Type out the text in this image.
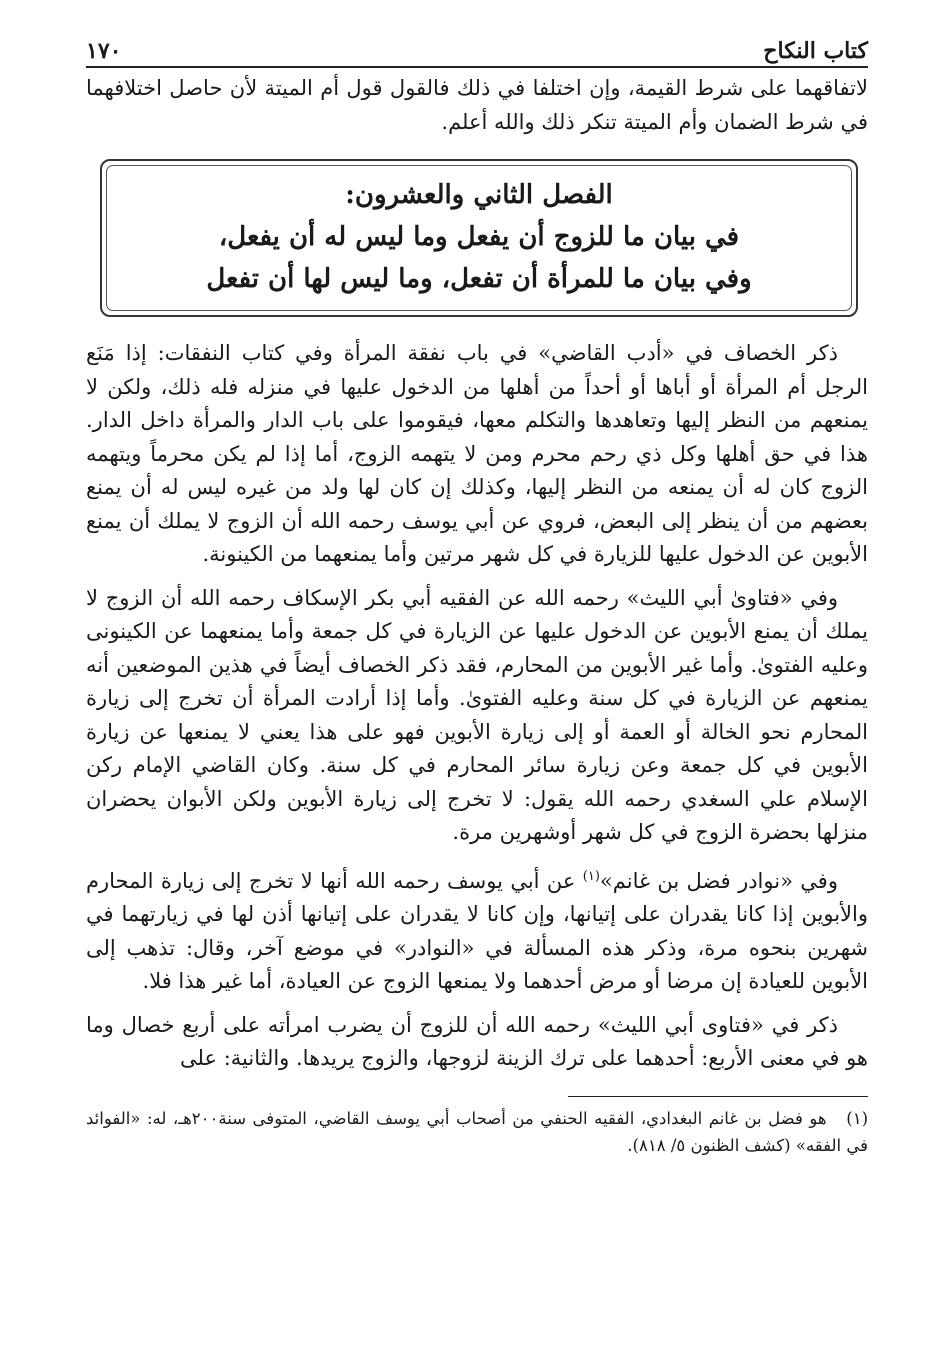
كتاب النكاح
١٧٠

لاتفاقهما على شرط القيمة، وإن اختلفا في ذلك فالقول قول أم الميتة لأن حاصل اختلافهما في شرط الضمان وأم الميتة تنكر ذلك والله أعلم.

الفصل الثاني والعشرون:
في بيان ما للزوج أن يفعل وما ليس له أن يفعل،
وفي بيان ما للمرأة أن تفعل، وما ليس لها أن تفعل

ذكر الخصاف في «أدب القاضي» في باب نفقة المرأة وفي كتاب النفقات: إذا مَنَع الرجل أم المرأة أو أباها أو أحداً من أهلها من الدخول عليها في منزله فله ذلك، ولكن لا يمنعهم من النظر إليها وتعاهدها والتكلم معها، فيقوموا على باب الدار والمرأة داخل الدار. هذا في حق أهلها وكل ذي رحم محرم ومن لا يتهمه الزوج، أما إذا لم يكن محرماً ويتهمه الزوج كان له أن يمنعه من النظر إليها، وكذلك إن كان لها ولد من غيره ليس له أن يمنع بعضهم من أن ينظر إلى البعض، فروي عن أبي يوسف رحمه الله أن الزوج لا يملك أن يمنع الأبوين عن الدخول عليها للزيارة في كل شهر مرتين وأما يمنعهما من الكينونة.

وفي «فتاوىٰ أبي الليث» رحمه الله عن الفقيه أبي بكر الإسكاف رحمه الله أن الزوج لا يملك أن يمنع الأبوين عن الدخول عليها عن الزيارة في كل جمعة وأما يمنعهما عن الكينونى وعليه الفتوىٰ. وأما غير الأبوين من المحارم، فقد ذكر الخصاف أيضاً في هذين الموضعين أنه يمنعهم عن الزيارة في كل سنة وعليه الفتوىٰ. وأما إذا أرادت المرأة أن تخرج إلى زيارة المحارم نحو الخالة أو العمة أو إلى زيارة الأبوين فهو على هذا يعني لا يمنعها عن زيارة الأبوين في كل جمعة وعن زيارة سائر المحارم في كل سنة. وكان القاضي الإمام ركن الإسلام علي السغدي رحمه الله يقول: لا تخرج إلى زيارة الأبوين ولكن الأبوان يحضران منزلها بحضرة الزوج في كل شهر أوشهرين مرة.

وفي «نوادر فضل بن غانم»$^{(١)}$ عن أبي يوسف رحمه الله أنها لا تخرج إلى زيارة المحارم والأبوين إذا كانا يقدران على إتيانها، وإن كانا لا يقدران على إتيانها أذن لها في زيارتهما في شهرين بنحوه مرة، وذكر هذه المسألة في «النوادر» في موضع آخر، وقال: تذهب إلى الأبوين للعيادة إن مرضا أو مرض أحدهما ولا يمنعها الزوج عن العيادة، أما غير هذا فلا.

ذكر في «فتاوى أبي الليث» رحمه الله أن للزوج أن يضرب امرأته على أربع خصال وما هو في معنى الأربع: أحدهما على ترك الزينة لزوجها، والزوج يريدها. والثانية: على

(١)   هو فضل بن غانم البغدادي، الفقيه الحنفي من أصحاب أبي يوسف القاضي، المتوفى سنة٢٠٠هـ، له: «الفوائد في الفقه» (كشف الظنون ٥/ ٨١٨).
